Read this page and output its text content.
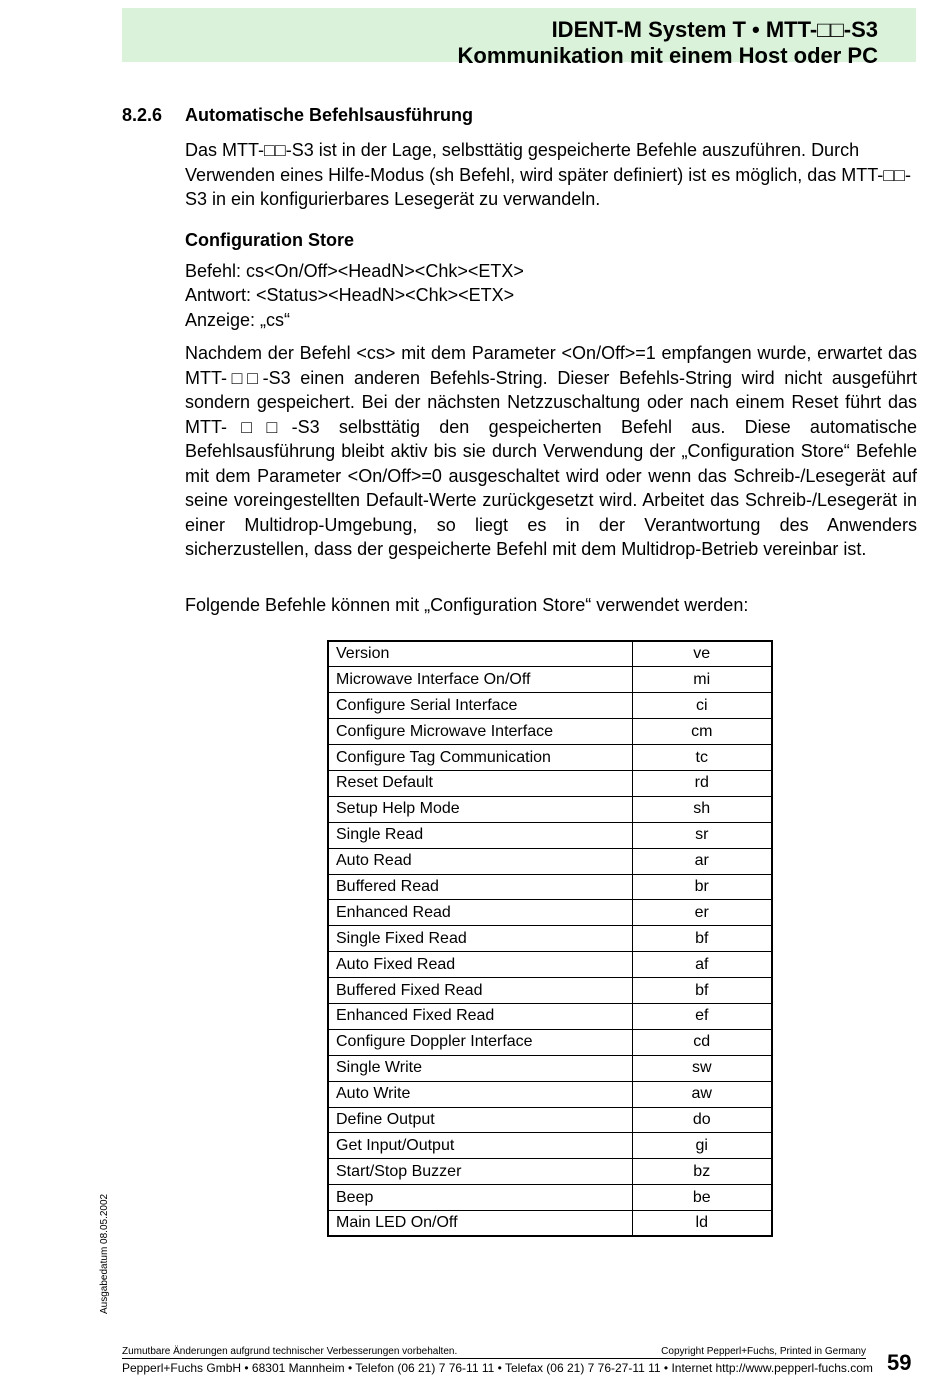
IDENT-M System T • MTT-□□-S3
Kommunikation mit einem Host oder PC
8.2.6 Automatische Befehlsausführung
Das MTT-□□-S3 ist in der Lage, selbsttätig gespeicherte Befehle auszuführen. Durch Verwenden eines Hilfe-Modus (sh Befehl, wird später definiert) ist es möglich, das MTT-□□-S3 in ein konfigurierbares Lesegerät zu verwandeln.
Configuration Store
Befehl: cs<On/Off><HeadN><Chk><ETX>
Antwort: <Status><HeadN><Chk><ETX>
Anzeige: „cs“
Nachdem der Befehl <cs> mit dem Parameter <On/Off>=1 empfangen wurde, erwartet das MTT-□□-S3 einen anderen Befehls-String. Dieser Befehls-String wird nicht ausgeführt sondern gespeichert. Bei der nächsten Netzzuschaltung oder nach einem Reset führt das MTT-□□-S3 selbsttätig den gespeicherten Befehl aus. Diese automatische Befehlsausführung bleibt aktiv bis sie durch Verwendung der „Configuration Store“ Befehle mit dem Parameter <On/Off>=0 ausgeschaltet wird oder wenn das Schreib-/Lesegerät auf seine voreingestellten Default-Werte zurückgesetzt wird. Arbeitet das Schreib-/Lesegerät in einer Multidrop-Umgebung, so liegt es in der Verantwortung des Anwenders sicherzustellen, dass der gespeicherte Befehl mit dem Multidrop-Betrieb vereinbar ist.
Folgende Befehle können mit „Configuration Store“ verwendet werden:
Version	ve
Microwave Interface On/Off	mi
Configure Serial Interface	ci
Configure Microwave Interface	cm
Configure Tag Communication	tc
Reset Default	rd
Setup Help Mode	sh
Single Read	sr
Auto Read	ar
Buffered Read	br
Enhanced Read	er
Single Fixed Read	bf
Auto Fixed Read	af
Buffered Fixed Read	bf
Enhanced Fixed Read	ef
Configure Doppler Interface	cd
Single Write	sw
Auto Write	aw
Define Output	do
Get Input/Output	gi
Start/Stop Buzzer	bz
Beep	be
Main LED On/Off	ld
Ausgabedatum 08.05.2002
Zumutbare Änderungen aufgrund technischer Verbesserungen vorbehalten.	Copyright Pepperl+Fuchs, Printed in Germany
Pepperl+Fuchs GmbH • 68301 Mannheim • Telefon (06 21) 7 76-11 11 • Telefax (06 21) 7 76-27-11 11 • Internet http://www.pepperl-fuchs.com 59
